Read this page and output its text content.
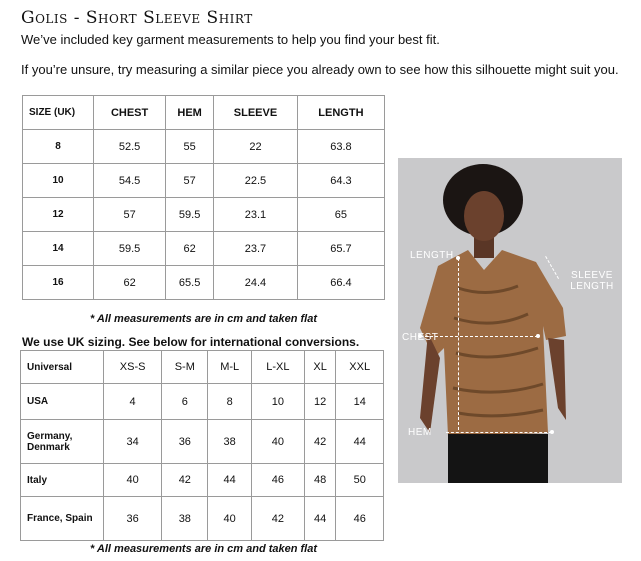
Golis - Short Sleeve Shirt
We’ve included key garment measurements to help you find your best fit.
If you’re unsure, try measuring a similar piece you already own to see how this silhouette might suit you.
SIZE (UK)	CHEST	HEM	SLEEVE	LENGTH
8	52.5	55	22	63.8
10	54.5	57	22.5	64.3
12	57	59.5	23.1	65
14	59.5	62	23.7	65.7
16	62	65.5	24.4	66.4
* All measurements are in cm and taken flat
We use UK sizing. See below for international conversions.
Universal	XS-S	S-M	M-L	L-XL	XL	XXL
USA	4	6	8	10	12	14
Germany, Denmark	34	36	38	40	42	44
Italy	40	42	44	46	48	50
France, Spain	36	38	40	42	44	46
* All measurements are in cm and taken flat
LENGTH
SLEEVE LENGTH
CHEST
HEM
